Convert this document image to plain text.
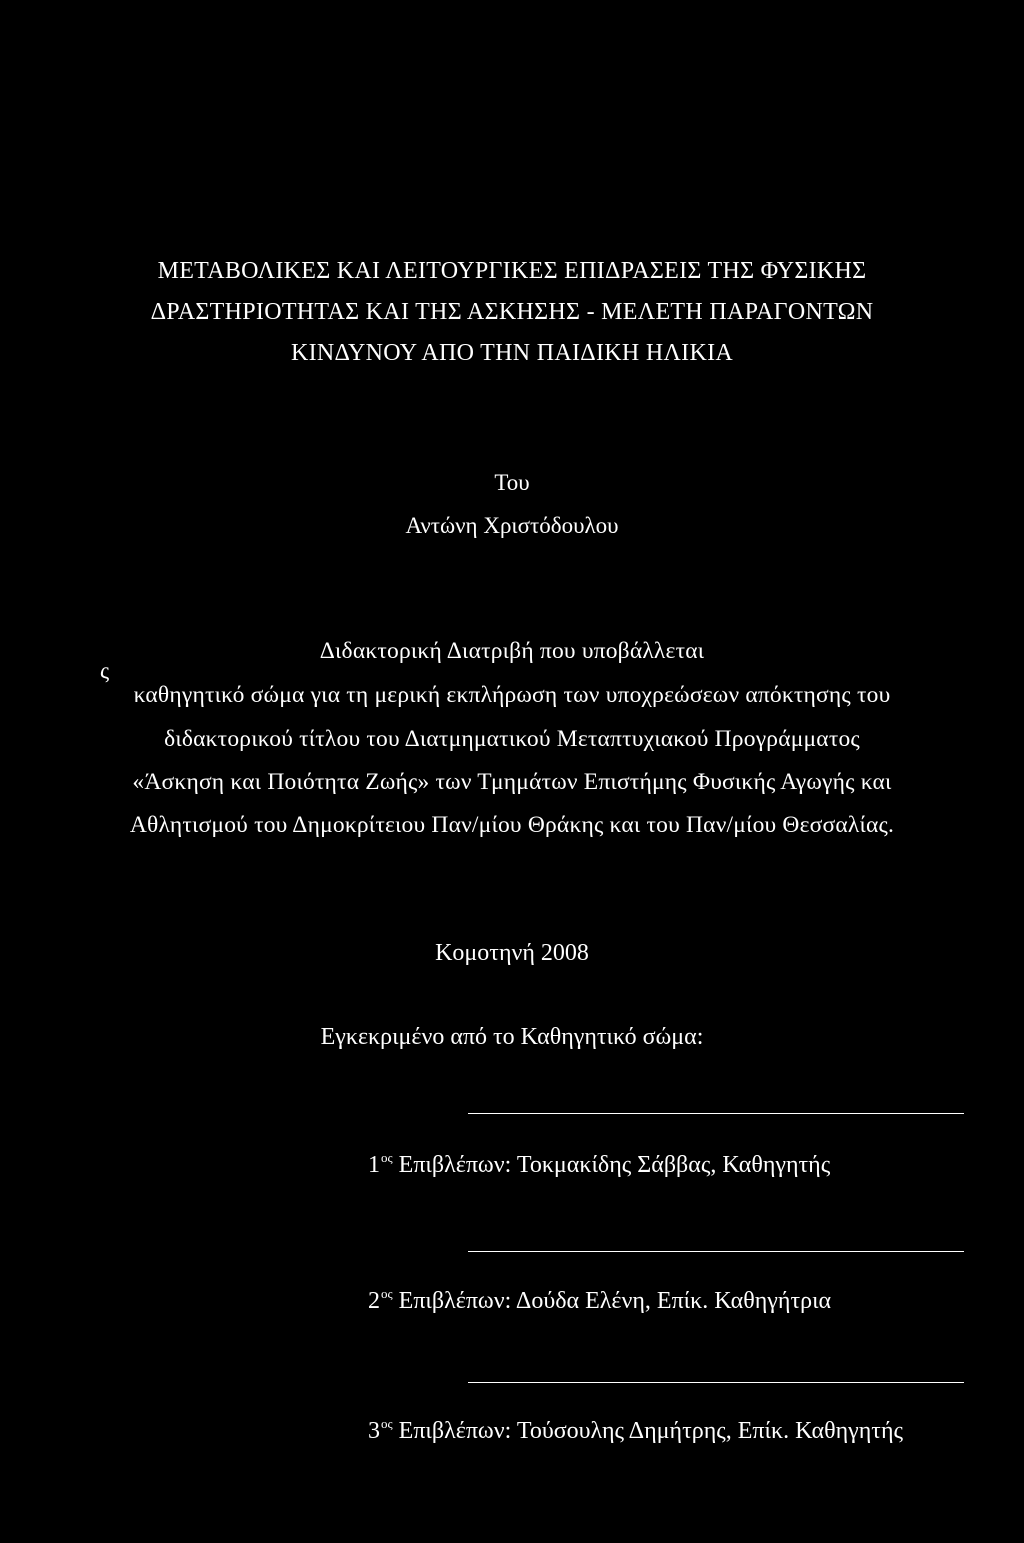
ΜΕΤΑΒΟΛΙΚΕΣ ΚΑΙ ΛΕΙΤΟΥΡΓΙΚΕΣ ΕΠΙΔΡΑΣΕΙΣ ΤΗΣ ΦΥΣΙΚΗΣ
ΔΡΑΣΤΗΡΙΟΤΗΤΑΣ ΚΑΙ ΤΗΣ ΑΣΚΗΣΗΣ - ΜΕΛΕΤΗ ΠΑΡΑΓΟΝΤΩΝ
ΚΙΝΔΥΝΟΥ ΑΠΟ ΤΗΝ ΠΑΙΔΙΚΗ ΗΛΙΚΙΑ
Του
Αντώνη Χριστόδουλου
Διδακτορική Διατριβή που υποβάλλεται
ς
καθηγητικό σώμα για τη μερική εκπλήρωση των υποχρεώσεων απόκτησης του
διδακτορικού τίτλου του Διατμηματικού Μεταπτυχιακού Προγράμματος
«Άσκηση και Ποιότητα Ζωής» των Τμημάτων Επιστήμης Φυσικής Αγωγής και
Αθλητισμού του Δημοκρίτειου Παν/μίου Θράκης και του Παν/μίου Θεσσαλίας.
Κομοτηνή 2008
Εγκεκριμένο από το Καθηγητικό σώμα:
$1^{o\varsigma}$ Επιβλέπων: Τοκμακίδης Σάββας, Καθηγητής
$2^{o\varsigma}$ Επιβλέπων: Δούδα Ελένη, Επίκ. Καθηγήτρια
$3^{o\varsigma}$ Επιβλέπων: Τούσουλης Δημήτρης, Επίκ. Καθηγητής
